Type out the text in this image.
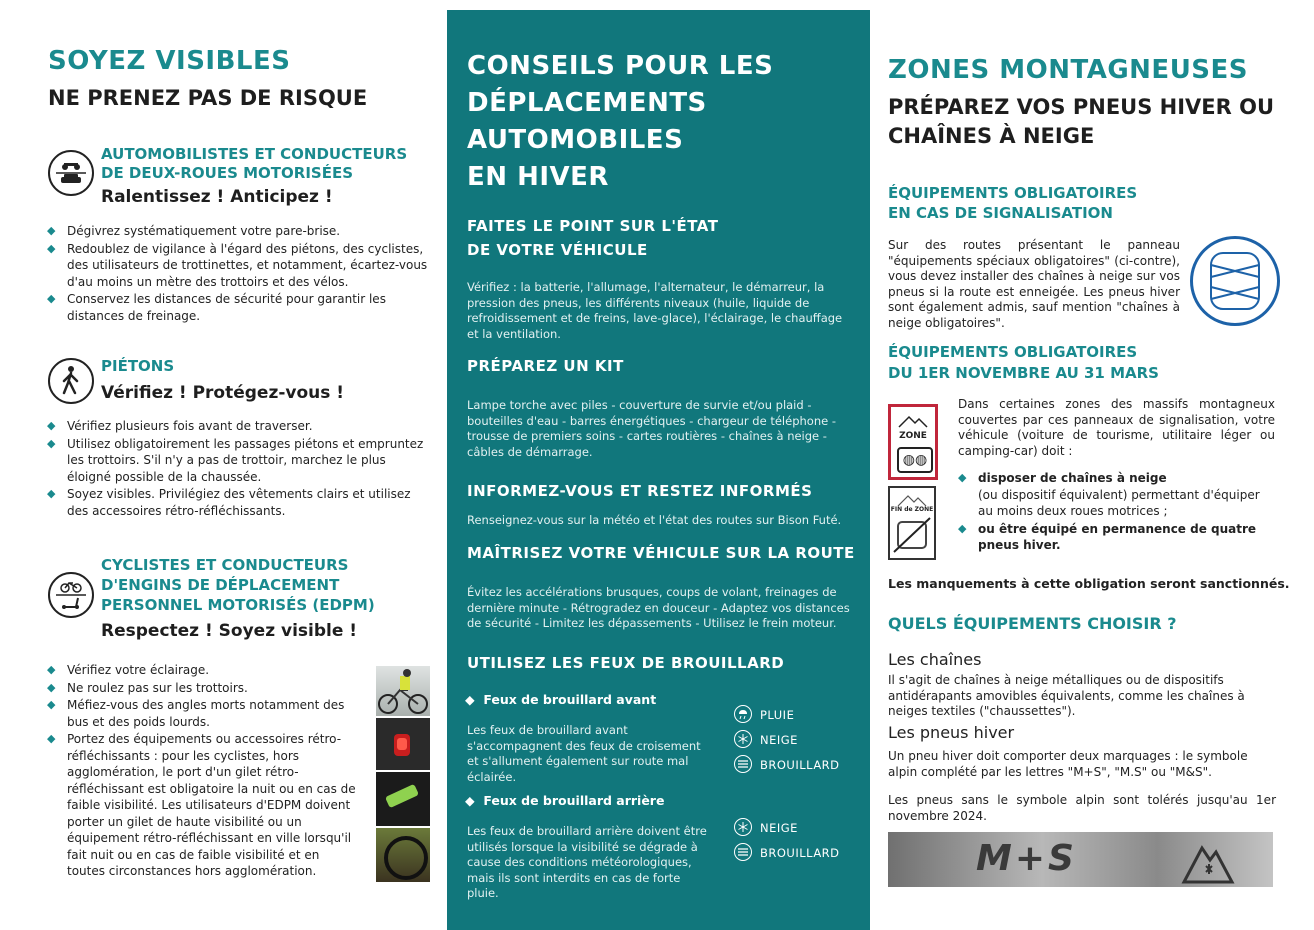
SOYEZ VISIBLES
NE PRENEZ PAS DE RISQUE
AUTOMOBILISTES ET CONDUCTEURS
DE DEUX-ROUES MOTORISÉES
Ralentissez ! Anticipez !
◆ Dégivrez systématiquement votre pare-brise.
◆ Redoublez de vigilance à l'égard des piétons, des cyclistes, des utilisateurs de trottinettes, et notamment, écartez-vous d'au moins un mètre des trottoirs et des vélos.
◆ Conservez les distances de sécurité pour garantir les distances de freinage.
PIÉTONS
Vérifiez ! Protégez-vous !
◆ Vérifiez plusieurs fois avant de traverser.
◆ Utilisez obligatoirement les passages piétons et empruntez les trottoirs. S'il n'y a pas de trottoir, marchez le plus éloigné possible de la chaussée.
◆ Soyez visibles. Privilégiez des vêtements clairs et utilisez des accessoires rétro-réfléchissants.
CYCLISTES ET CONDUCTEURS
D'ENGINS DE DÉPLACEMENT
PERSONNEL MOTORISÉS (EDPM)
Respectez ! Soyez visible !
◆ Vérifiez votre éclairage.
◆ Ne roulez pas sur les trottoirs.
◆ Méfiez-vous des angles morts notamment des bus et des poids lourds.
◆ Portez des équipements ou accessoires rétro-réfléchissants : pour les cyclistes, hors agglomération, le port d'un gilet rétro-réfléchissant est obligatoire la nuit ou en cas de faible visibilité. Les utilisateurs d'EDPM doivent porter un gilet de haute visibilité ou un équipement rétro-réfléchissant en ville lorsqu'il fait nuit ou en cas de faible visibilité et en toutes circonstances hors agglomération.
CONSEILS POUR LES
DÉPLACEMENTS
AUTOMOBILES
EN HIVER
FAITES LE POINT SUR L'ÉTAT
DE VOTRE VÉHICULE
Vérifiez : la batterie, l'allumage, l'alternateur, le démarreur, la pression des pneus, les différents niveaux (huile, liquide de refroidissement et de freins, lave-glace), l'éclairage, le chauffage et la ventilation.
PRÉPAREZ UN KIT
Lampe torche avec piles - couverture de survie et/ou plaid - bouteilles d'eau - barres énergétiques - chargeur de téléphone - trousse de premiers soins - cartes routières - chaînes à neige - câbles de démarrage.
INFORMEZ-VOUS ET RESTEZ INFORMÉS
Renseignez-vous sur la météo et l'état des routes sur Bison Futé.
MAÎTRISEZ VOTRE VÉHICULE SUR LA ROUTE
Évitez les accélérations brusques, coups de volant, freinages de dernière minute - Rétrogradez en douceur - Adaptez vos distances de sécurité - Limitez les dépassements - Utilisez le frein moteur.
UTILISEZ LES FEUX DE BROUILLARD
◆  Feux de brouillard avant
Les feux de brouillard avant s'accompagnent des feux de croisement et s'allument également sur route mal éclairée.
◆  Feux de brouillard arrière
Les feux de brouillard arrière doivent être utilisés lorsque la visibilité se dégrade à cause des conditions météorologiques, mais ils sont interdits en cas de forte pluie.
PLUIE
NEIGE
BROUILLARD
NEIGE
BROUILLARD
ZONES MONTAGNEUSES
PRÉPAREZ VOS PNEUS HIVER OU
CHAÎNES À NEIGE
ÉQUIPEMENTS OBLIGATOIRES
EN CAS DE SIGNALISATION
Sur des routes présentant le panneau "équipements spéciaux obligatoires" (ci-contre), vous devez installer des chaînes à neige sur vos pneus si la route est enneigée. Les pneus hiver sont également admis, sauf mention "chaînes à neige obligatoires".
ÉQUIPEMENTS OBLIGATOIRES
DU 1ER NOVEMBRE AU 31 MARS
ZONE
◍◍
FIN de ZONE
Dans certaines zones des massifs montagneux couvertes par ces panneaux de signalisation, votre véhicule (voiture de tourisme, utilitaire léger ou camping-car) doit :
◆ disposer de chaînes à neige
(ou dispositif équivalent) permettant d'équiper au moins deux roues motrices ;
◆ ou être équipé en permanence de quatre pneus hiver.
Les manquements à cette obligation seront sanctionnés.
QUELS ÉQUIPEMENTS CHOISIR ?
Les chaînes
Il s'agit de chaînes à neige métalliques ou de dispositifs antidérapants amovibles équivalents, comme les chaînes à neiges textiles ("chaussettes").
Les pneus hiver
Un pneu hiver doit comporter deux marquages : le symbole alpin complété par les lettres "M+S", "M.S" ou "M&S".
Les pneus sans le symbole alpin sont tolérés jusqu'au 1er novembre 2024.
M+S
